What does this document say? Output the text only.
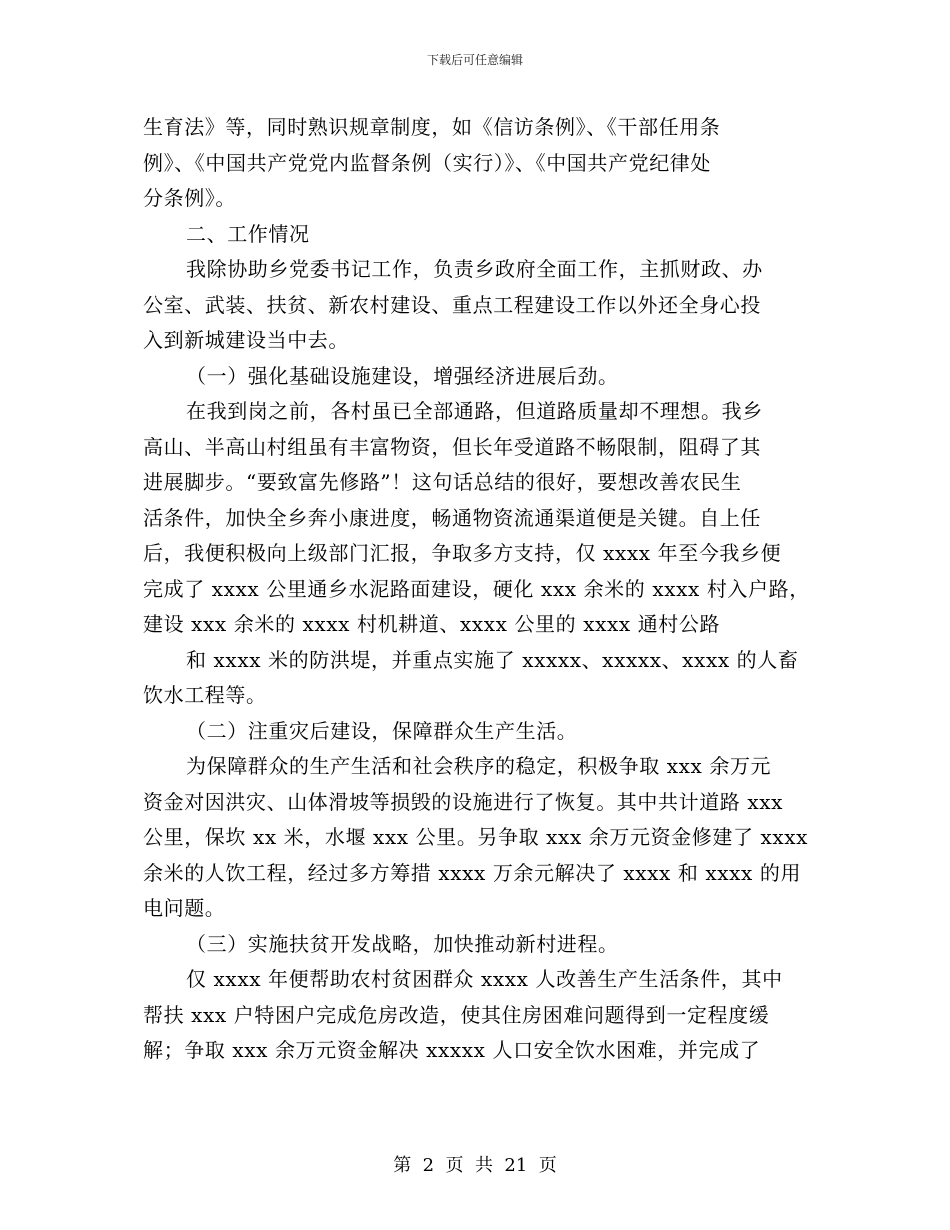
下载后可任意编辑
生育法》等，同时熟识规章制度，如《信访条例》、《干部任用条
例》、《中国共产党党内监督条例（实行）》、《中国共产党纪律处
分条例》。
二、工作情况
我除协助乡党委书记工作，负责乡政府全面工作，主抓财政、办
公室、武装、扶贫、新农村建设、重点工程建设工作以外还全身心投
入到新城建设当中去。
（一）强化基础设施建设，增强经济进展后劲。
在我到岗之前，各村虽已全部通路，但道路质量却不理想。我乡
高山、半高山村组虽有丰富物资，但长年受道路不畅限制，阻碍了其
进展脚步。“要致富先修路”！这句话总结的很好，要想改善农民生
活条件，加快全乡奔小康进度，畅通物资流通渠道便是关键。自上任
后，我便积极向上级部门汇报，争取多方支持，仅 xxxx 年至今我乡便
完成了 xxxx 公里通乡水泥路面建设，硬化 xxx 余米的 xxxx 村入户路，
建设 xxx 余米的 xxxx 村机耕道、xxxx 公里的 xxxx 通村公路
和 xxxx 米的防洪堤，并重点实施了 xxxxx、xxxxx、xxxx 的人畜
饮水工程等。
（二）注重灾后建设，保障群众生产生活。
为保障群众的生产生活和社会秩序的稳定，积极争取 xxx 余万元
资金对因洪灾、山体滑坡等损毁的设施进行了恢复。其中共计道路 xxx
公里，保坎 xx 米，水堰 xxx 公里。另争取 xxx 余万元资金修建了 xxxx
余米的人饮工程，经过多方筹措 xxxx 万余元解决了 xxxx 和 xxxx 的用
电问题。
（三）实施扶贫开发战略，加快推动新村进程。
仅 xxxx 年便帮助农村贫困群众 xxxx 人改善生产生活条件，其中
帮扶 xxx 户特困户完成危房改造，使其住房困难问题得到一定程度缓
解；争取 xxx 余万元资金解决 xxxxx 人口安全饮水困难，并完成了
第  2  页  共  21  页
